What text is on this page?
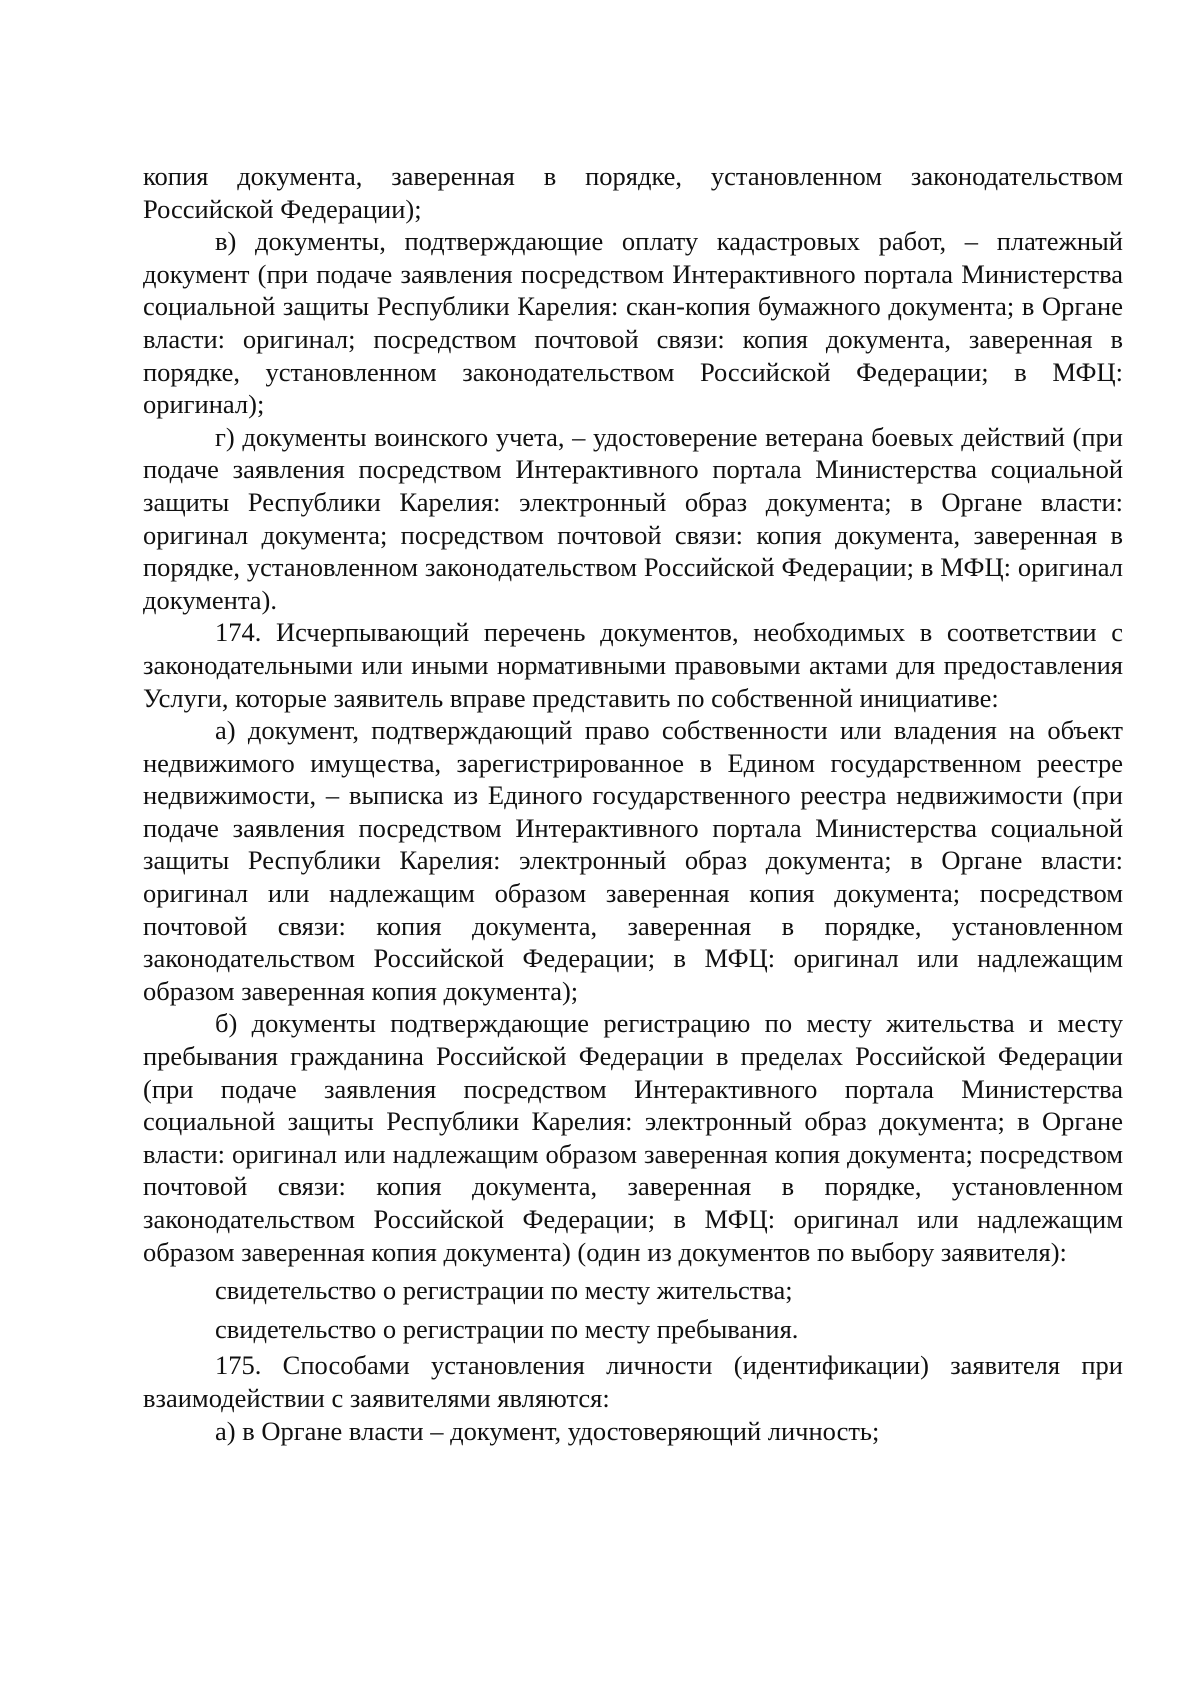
копия документа, заверенная в порядке, установленном законодательством Российской Федерации);

в) документы, подтверждающие оплату кадастровых работ, – платежный документ (при подаче заявления посредством Интерактивного портала Министерства социальной защиты Республики Карелия: скан-копия бумажного документа; в Органе власти: оригинал; посредством почтовой связи: копия документа, заверенная в порядке, установленном законодательством Российской Федерации; в МФЦ: оригинал);

г) документы воинского учета, – удостоверение ветерана боевых действий (при подаче заявления посредством Интерактивного портала Министерства социальной защиты Республики Карелия: электронный образ документа; в Органе власти: оригинал документа; посредством почтовой связи: копия документа, заверенная в порядке, установленном законодательством Российской Федерации; в МФЦ: оригинал документа).

174. Исчерпывающий перечень документов, необходимых в соответствии с законодательными или иными нормативными правовыми актами для предоставления Услуги, которые заявитель вправе представить по собственной инициативе:

а) документ, подтверждающий право собственности или владения на объект недвижимого имущества, зарегистрированное в Едином государственном реестре недвижимости, – выписка из Единого государственного реестра недвижимости (при подаче заявления посредством Интерактивного портала Министерства социальной защиты Республики Карелия: электронный образ документа; в Органе власти: оригинал или надлежащим образом заверенная копия документа; посредством почтовой связи: копия документа, заверенная в порядке, установленном законодательством Российской Федерации; в МФЦ: оригинал или надлежащим образом заверенная копия документа);

б) документы подтверждающие регистрацию по месту жительства и месту пребывания гражданина Российской Федерации в пределах Российской Федерации (при подаче заявления посредством Интерактивного портала Министерства социальной защиты Республики Карелия: электронный образ документа; в Органе власти: оригинал или надлежащим образом заверенная копия документа; посредством почтовой связи: копия документа, заверенная в порядке, установленном законодательством Российской Федерации; в МФЦ: оригинал или надлежащим образом заверенная копия документа) (один из документов по выбору заявителя):

свидетельство о регистрации по месту жительства;

свидетельство о регистрации по месту пребывания.

175. Способами установления личности (идентификации) заявителя при взаимодействии с заявителями являются:

а) в Органе власти – документ, удостоверяющий личность;
